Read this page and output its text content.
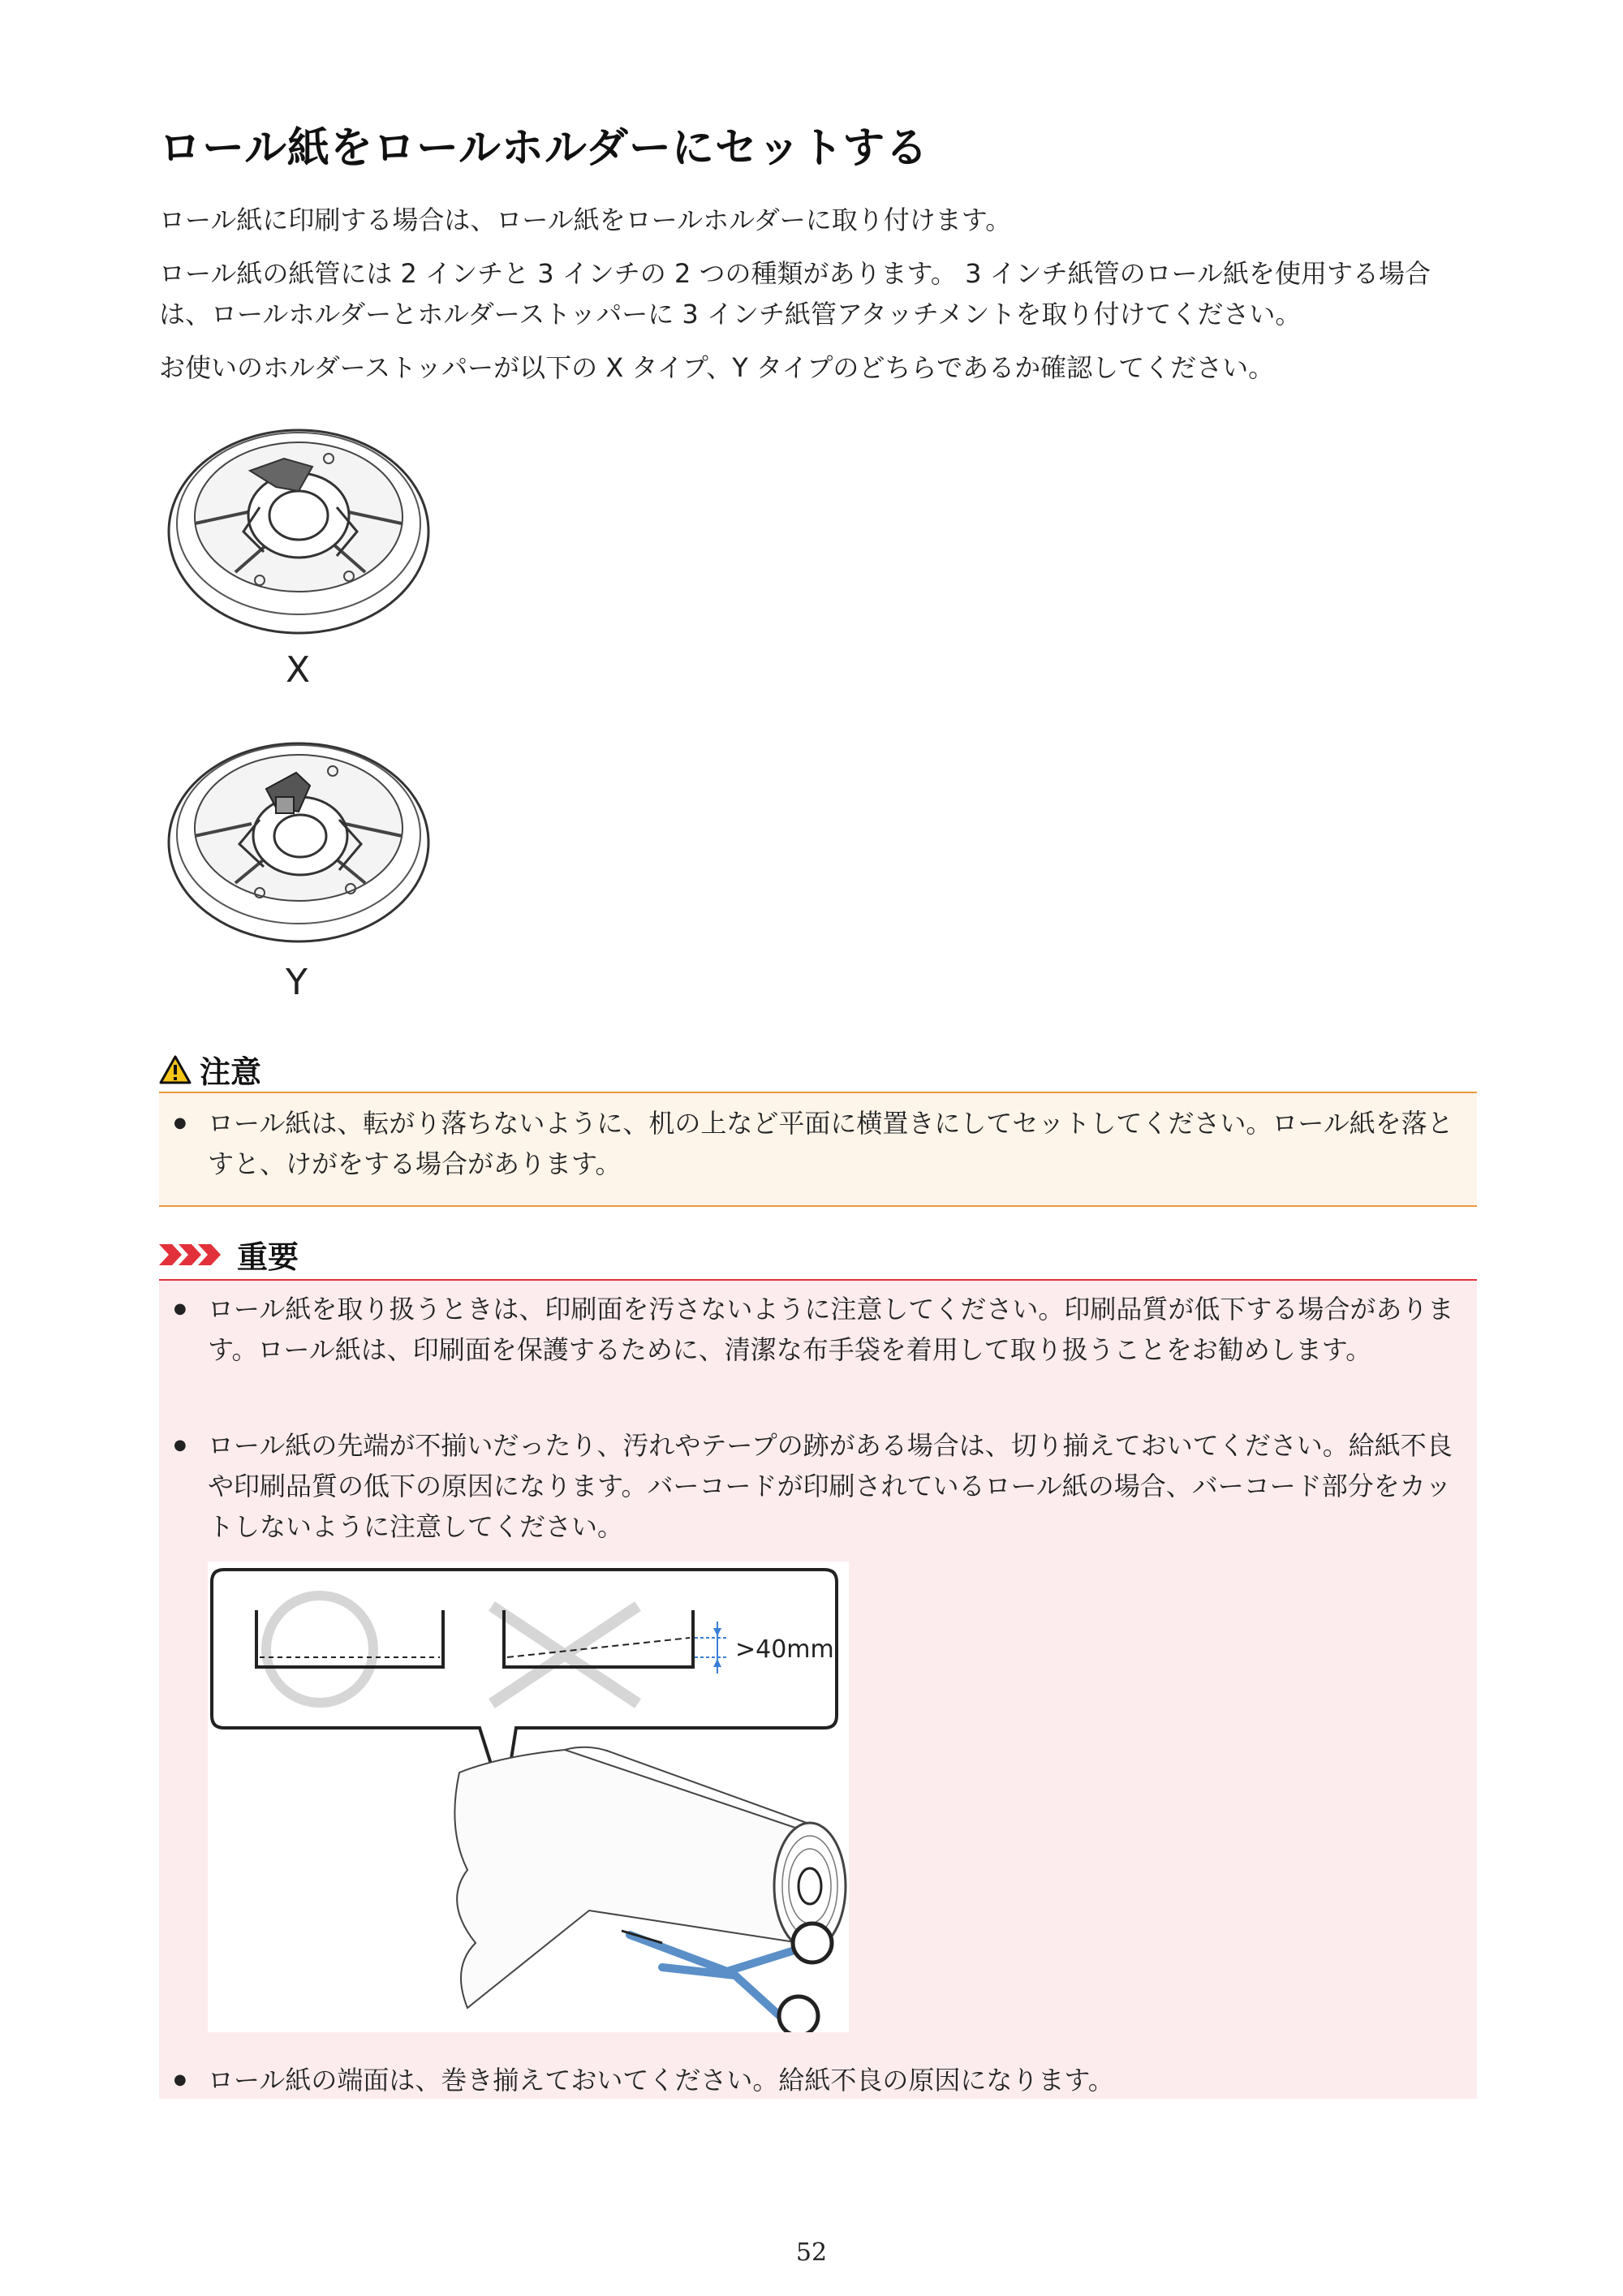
ロール紙をロールホルダーにセットする
ロール紙に印刷する場合は、ロール紙をロールホルダーに取り付けます。
ロール紙の紙管には 2 インチと 3 インチの 2 つの種類があります。 3 インチ紙管のロール紙を使用する場合は、ロールホルダーとホルダーストッパーに 3 インチ紙管アタッチメントを取り付けてください。
お使いのホルダーストッパーが以下の X タイプ、Y タイプのどちらであるか確認してください。
X
Y
注意
● ロール紙は、転がり落ちないように、机の上など平面に横置きにしてセットしてください。ロール紙を落とすと、けがをする場合があります。
重要
● ロール紙を取り扱うときは、印刷面を汚さないように注意してください。印刷品質が低下する場合があります。ロール紙は、印刷面を保護するために、清潔な布手袋を着用して取り扱うことをお勧めします。
● ロール紙の先端が不揃いだったり、汚れやテープの跡がある場合は、切り揃えておいてください。給紙不良や印刷品質の低下の原因になります。バーコードが印刷されているロール紙の場合、バーコード部分をカットしないように注意してください。
>40mm
● ロール紙の端面は、巻き揃えておいてください。給紙不良の原因になります。
52
